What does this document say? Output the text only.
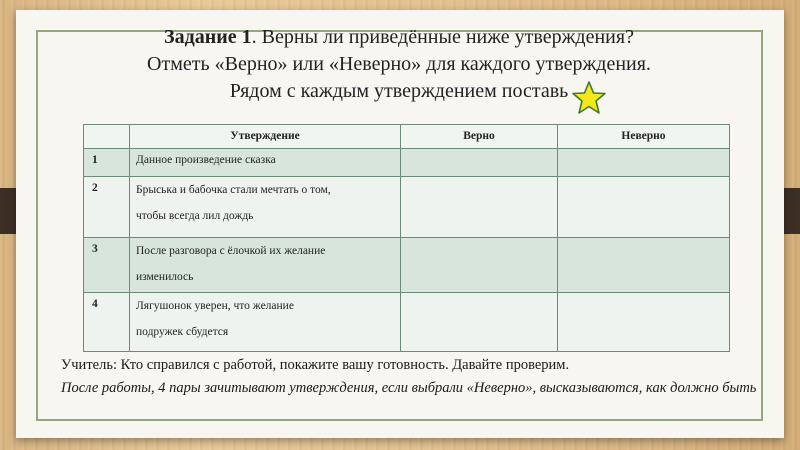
Задание 1. Верны ли приведённые ниже утверждения?
Отметь «Верно» или «Неверно» для каждого утверждения.
Рядом с каждым утверждением поставь
	Утверждение	Верно	Неверно
1	Данное произведение сказка		
2	Брыська и бабочка стали мечтать о том,
чтобы всегда лил дождь		

3	После разговора с ёлочкой их желание
изменилось		

4	Лягушонок уверен, что желание
подружек сбудется		

Учитель: Кто справился с работой, покажите вашу готовность. Давайте проверим.
После работы, 4 пары зачитывают утверждения, если выбрали «Неверно», высказываются, как должно быть
